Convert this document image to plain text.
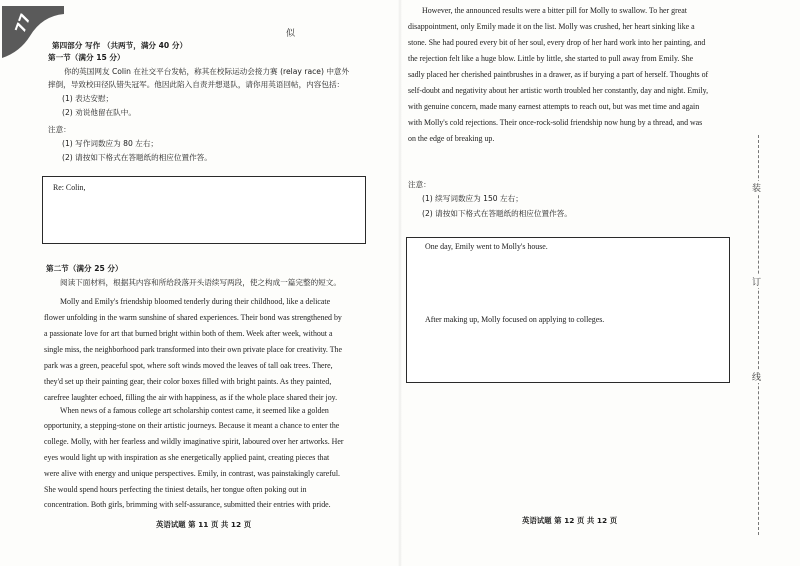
77	似
第四部分 写作 （共两节，满分 40 分）
第一节（满分 15 分）
你的英国网友 Colin 在社交平台发帖，称其在校际运动会接力赛 (relay race) 中意外
摔倒，导致校田径队错失冠军。他因此陷入自责并想退队，请你用英语回帖，内容包括：
(1) 表达安慰；
(2) 劝说他留在队中。
注意：
(1) 写作词数应为 80 左右；
(2) 请按如下格式在答题纸的相应位置作答。
Re: Colin,
第二节（满分 25 分）
阅读下面材料，根据其内容和所给段落开头语续写两段，使之构成一篇完整的短文。
Molly and Emily's friendship bloomed tenderly during their childhood, like a delicate
flower unfolding in the warm sunshine of shared experiences. Their bond was strengthened by
a passionate love for art that burned bright within both of them. Week after week, without a
single miss, the neighborhood park transformed into their own private place for creativity. The
park was a green, peaceful spot, where soft winds moved the leaves of tall oak trees. There,
they'd set up their painting gear, their color boxes filled with bright paints. As they painted,
carefree laughter echoed, filling the air with happiness, as if the whole place shared their joy.
When news of a famous college art scholarship contest came, it seemed like a golden
opportunity, a stepping-stone on their artistic journeys. Because it meant a chance to enter the
college. Molly, with her fearless and wildly imaginative spirit, laboured over her artworks. Her
eyes would light up with inspiration as she energetically applied paint, creating pieces that
were alive with energy and unique perspectives. Emily, in contrast, was painstakingly careful.
She would spend hours perfecting the tiniest details, her tongue often poking out in
concentration. Both girls, brimming with self-assurance, submitted their entries with pride.
英语试题 第 11 页 共 12 页
However, the announced results were a bitter pill for Molly to swallow. To her great
disappointment, only Emily made it on the list. Molly was crushed, her heart sinking like a
stone. She had poured every bit of her soul, every drop of her hard work into her painting, and
the rejection felt like a huge blow. Little by little, she started to pull away from Emily. She
sadly placed her cherished paintbrushes in a drawer, as if burying a part of herself. Thoughts of
self-doubt and negativity about her artistic worth troubled her constantly, day and night. Emily,
with genuine concern, made many earnest attempts to reach out, but was met time and again
with Molly's cold rejections. Their once-rock-solid friendship now hung by a thread, and was
on the edge of breaking up.
注意：
(1) 续写词数应为 150 左右；
(2) 请按如下格式在答题纸的相应位置作答。
One day, Emily went to Molly's house.
After making up, Molly focused on applying to colleges.
英语试题 第 12 页 共 12 页
装
订
线
